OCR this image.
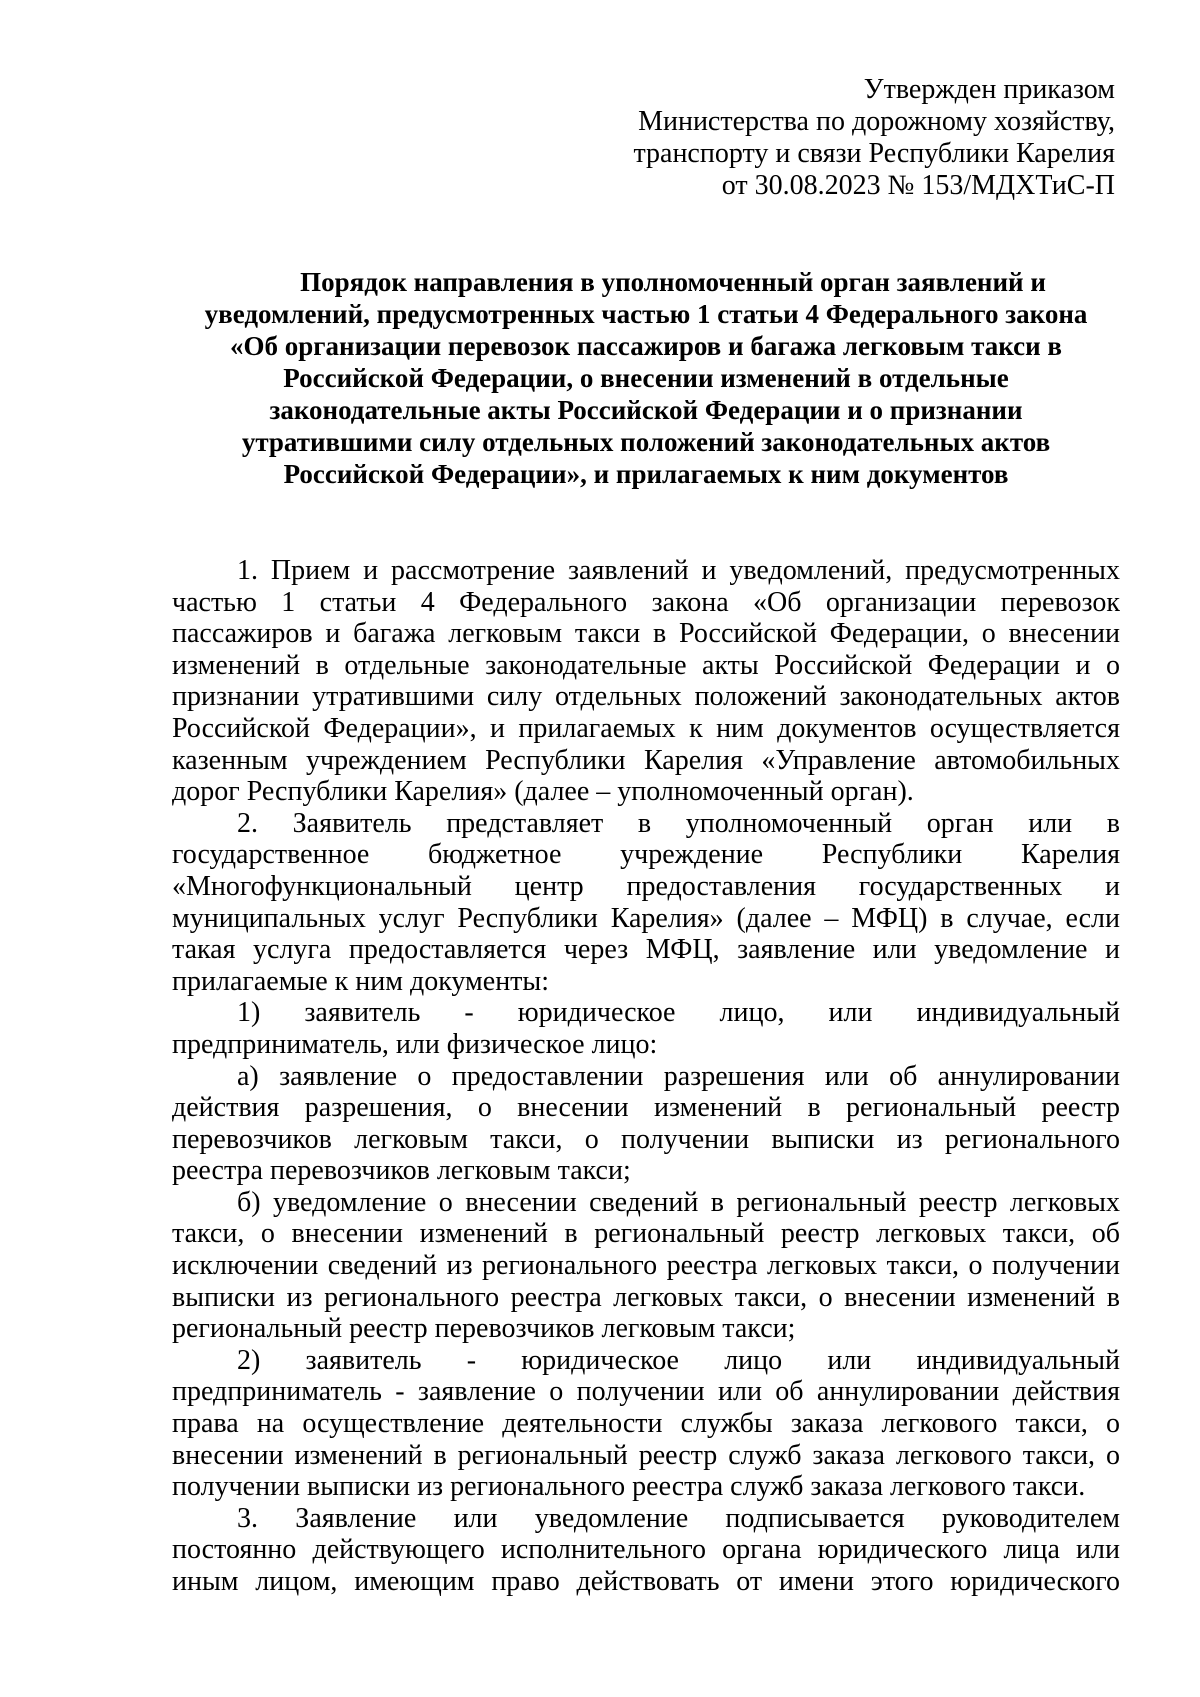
Утвержден приказом
Министерства по дорожному хозяйству,
транспорту и связи Республики Карелия
от 30.08.2023 № 153/МДХТиС-П
Порядок направления в уполномоченный орган заявлений и
уведомлений, предусмотренных частью 1 статьи 4 Федерального закона
«Об организации перевозок пассажиров и багажа легковым такси в
Российской Федерации, о внесении изменений в отдельные
законодательные акты Российской Федерации и о признании
утратившими силу отдельных положений законодательных актов
Российской Федерации», и прилагаемых к ним документов
1. Прием и рассмотрение заявлений и уведомлений, предусмотренных
частью 1 статьи 4 Федерального закона «Об организации перевозок
пассажиров и багажа легковым такси в Российской Федерации, о внесении
изменений в отдельные законодательные акты Российской Федерации и о
признании утратившими силу отдельных положений законодательных актов
Российской Федерации», и прилагаемых к ним документов осуществляется
казенным учреждением Республики Карелия «Управление автомобильных
дорог Республики Карелия» (далее – уполномоченный орган).
2. Заявитель представляет в уполномоченный орган или в
государственное бюджетное учреждение Республики Карелия
«Многофункциональный центр предоставления государственных и
муниципальных услуг Республики Карелия» (далее – МФЦ) в случае, если
такая услуга предоставляется через МФЦ, заявление или уведомление и
прилагаемые к ним документы:
1) заявитель - юридическое лицо, или индивидуальный
предприниматель, или физическое лицо:
а) заявление о предоставлении разрешения или об аннулировании
действия разрешения, о внесении изменений в региональный реестр
перевозчиков легковым такси, о получении выписки из регионального
реестра перевозчиков легковым такси;
б) уведомление о внесении сведений в региональный реестр легковых
такси, о внесении изменений в региональный реестр легковых такси, об
исключении сведений из регионального реестра легковых такси, о получении
выписки из регионального реестра легковых такси, о внесении изменений в
региональный реестр перевозчиков легковым такси;
2) заявитель - юридическое лицо или индивидуальный
предприниматель - заявление о получении или об аннулировании действия
права на осуществление деятельности службы заказа легкового такси, о
внесении изменений в региональный реестр служб заказа легкового такси, о
получении выписки из регионального реестра служб заказа легкового такси.
3. Заявление или уведомление подписывается руководителем
постоянно действующего исполнительного органа юридического лица или
иным лицом, имеющим право действовать от имени этого юридического
